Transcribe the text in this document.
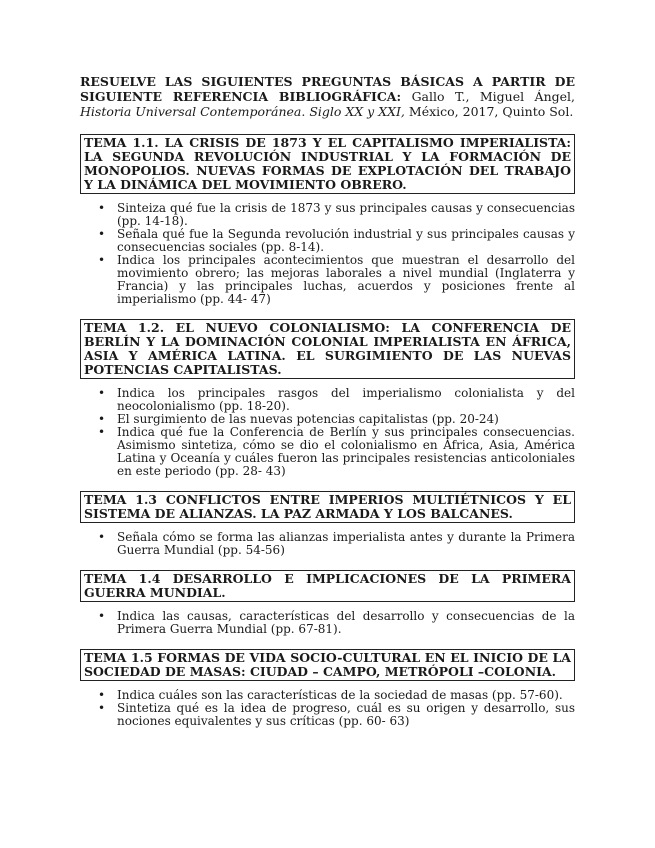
RESUELVE LAS SIGUIENTES PREGUNTAS BÁSICAS A PARTIR DE SIGUIENTE REFERENCIA BIBLIOGRÁFICA: Gallo T., Miguel Ángel, Historia Universal Contemporánea. Siglo XX y XXI, México, 2017, Quinto Sol.

TEMA 1.1. LA CRISIS DE 1873 Y EL CAPITALISMO IMPERIALISTA: LA SEGUNDA REVOLUCIÓN INDUSTRIAL Y LA FORMACIÓN DE MONOPOLIOS. NUEVAS FORMAS DE EXPLOTACIÓN DEL TRABAJO Y LA DINÁMICA DEL MOVIMIENTO OBRERO.
• Sinteiza qué fue la crisis de 1873 y sus principales causas y consecuencias (pp. 14-18).
• Señala qué fue la Segunda revolución industrial y sus principales causas y consecuencias sociales (pp. 8-14).
• Indica los principales acontecimientos que muestran el desarrollo del movimiento obrero; las mejoras laborales a nivel mundial (Inglaterra y Francia) y las principales luchas, acuerdos y posiciones frente al imperialismo (pp. 44- 47)
TEMA 1.2. EL NUEVO COLONIALISMO: LA CONFERENCIA DE BERLÍN Y LA DOMINACIÓN COLONIAL IMPERIALISTA EN ÁFRICA, ASIA Y AMÉRICA LATINA. EL SURGIMIENTO DE LAS NUEVAS POTENCIAS CAPITALISTAS.
• Indica los principales rasgos del imperialismo colonialista y del neocolonialismo (pp. 18-20).
• El surgimiento de las nuevas potencias capitalistas (pp. 20-24)
• Indica qué fue la Conferencia de Berlín y sus principales consecuencias. Asimismo sintetiza, cómo se dio el colonialismo en África, Asia, América Latina y Oceanía y cuáles fueron las principales resistencias anticoloniales en este periodo (pp. 28- 43)
TEMA 1.3 CONFLICTOS ENTRE IMPERIOS MULTIÉTNICOS Y EL SISTEMA DE ALIANZAS. LA PAZ ARMADA Y LOS BALCANES.
• Señala cómo se forma las alianzas imperialista antes y durante la Primera Guerra Mundial (pp. 54-56)
TEMA 1.4 DESARROLLO E IMPLICACIONES DE LA PRIMERA GUERRA MUNDIAL.
• Indica las causas, características del desarrollo y consecuencias de la Primera Guerra Mundial (pp. 67-81).
TEMA 1.5 FORMAS DE VIDA SOCIO-CULTURAL EN EL INICIO DE LA SOCIEDAD DE MASAS: CIUDAD – CAMPO, METRÓPOLI –COLONIA.
• Indica cuáles son las características de la sociedad de masas (pp. 57-60).
• Sintetiza qué es la idea de progreso, cuál es su origen y desarrollo, sus nociones equivalentes y sus críticas (pp. 60- 63)
